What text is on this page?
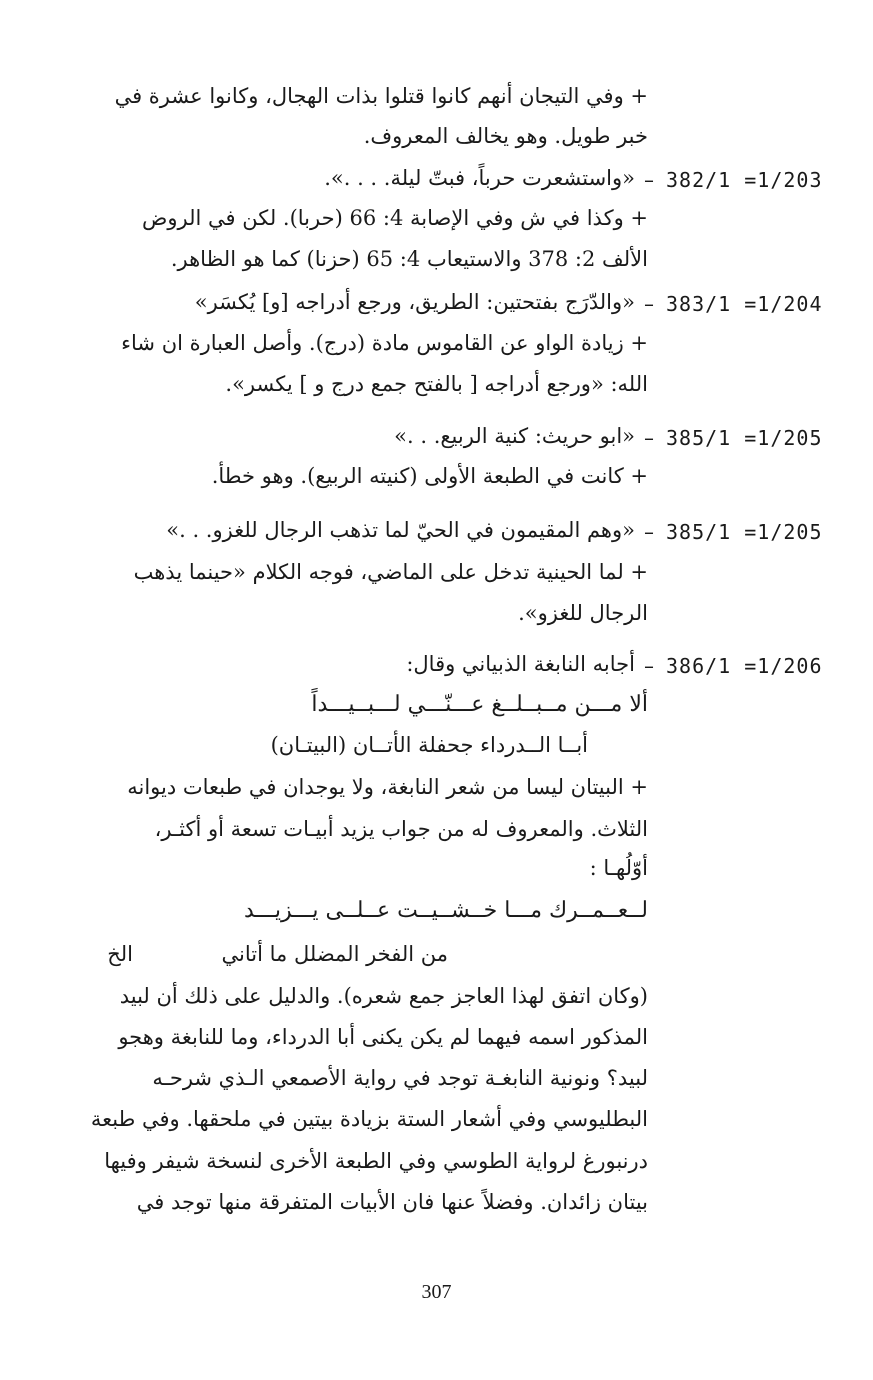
+ وفي التيجان أنهم كانوا قتلوا بذات الهجال، وكانوا عشرة في
خبر طويل. وهو يخالف المعروف.
382/1 =1/203
–
«واستشعرت حرباً، فبتّ ليلة. . . .».
+ وكذا في ش وفي الإصابة 4: 66 (حربا). لكن في الروض
الألف 2: 378 والاستيعاب 4: 65 (حزنا) كما هو الظاهر.
383/1 =1/204
–
«والدّرَج بفتحتين: الطريق، ورجع أدراجه [و] يُكسَر»
+ زيادة الواو عن القاموس مادة (درج). وأصل العبارة ان شاء
الله: «ورجع أدراجه [ بالفتح جمع درج و ] يكسر».
385/1 =1/205
–
«ابو حريث: كنية الربيع. . .»
+ كانت في الطبعة الأولى (كنيته الربيع). وهو خطأ.
385/1 =1/205
–
«وهم المقيمون في الحيّ لما تذهب الرجال للغزو. . .»
+ لما الحينية تدخل على الماضي، فوجه الكلام «حينما يذهب
الرجال للغزو».
386/1 =1/206
–
أجابه النابغة الذبياني وقال:
ألا مـــن مــبــلــغ عـــنّـــي لـــبــيـــداً
أبــا الــدرداء جحفلة الأتــان (البيتـان)
+ البيتان ليسا من شعر النابغة، ولا يوجدان في طبعات ديوانه
الثلاث. والمعروف له من جواب يزيد أبيـات تسعة أو أكثـر،
أوّلُهـا :
لــعــمــرك مـــا خــشــيــت عــلــى يـــزيـــد
من الفخر المضلل ما أتاني
الخ
(وكان اتفق لهذا العاجز جمع شعره). والدليل على ذلك أن لبيد
المذكور اسمه فيهما لم يكن يكنى أبا الدرداء، وما للنابغة وهجو
لبيد؟ ونونية النابغـة توجد في رواية الأصمعي الـذي شرحـه
البطليوسي وفي أشعار الستة بزيادة بيتين في ملحقها. وفي طبعة
درنبورغ لرواية الطوسي وفي الطبعة الأخرى لنسخة شيفر وفيها
بيتان زائدان. وفضلاً عنها فان الأبيات المتفرقة منها توجد في
307
